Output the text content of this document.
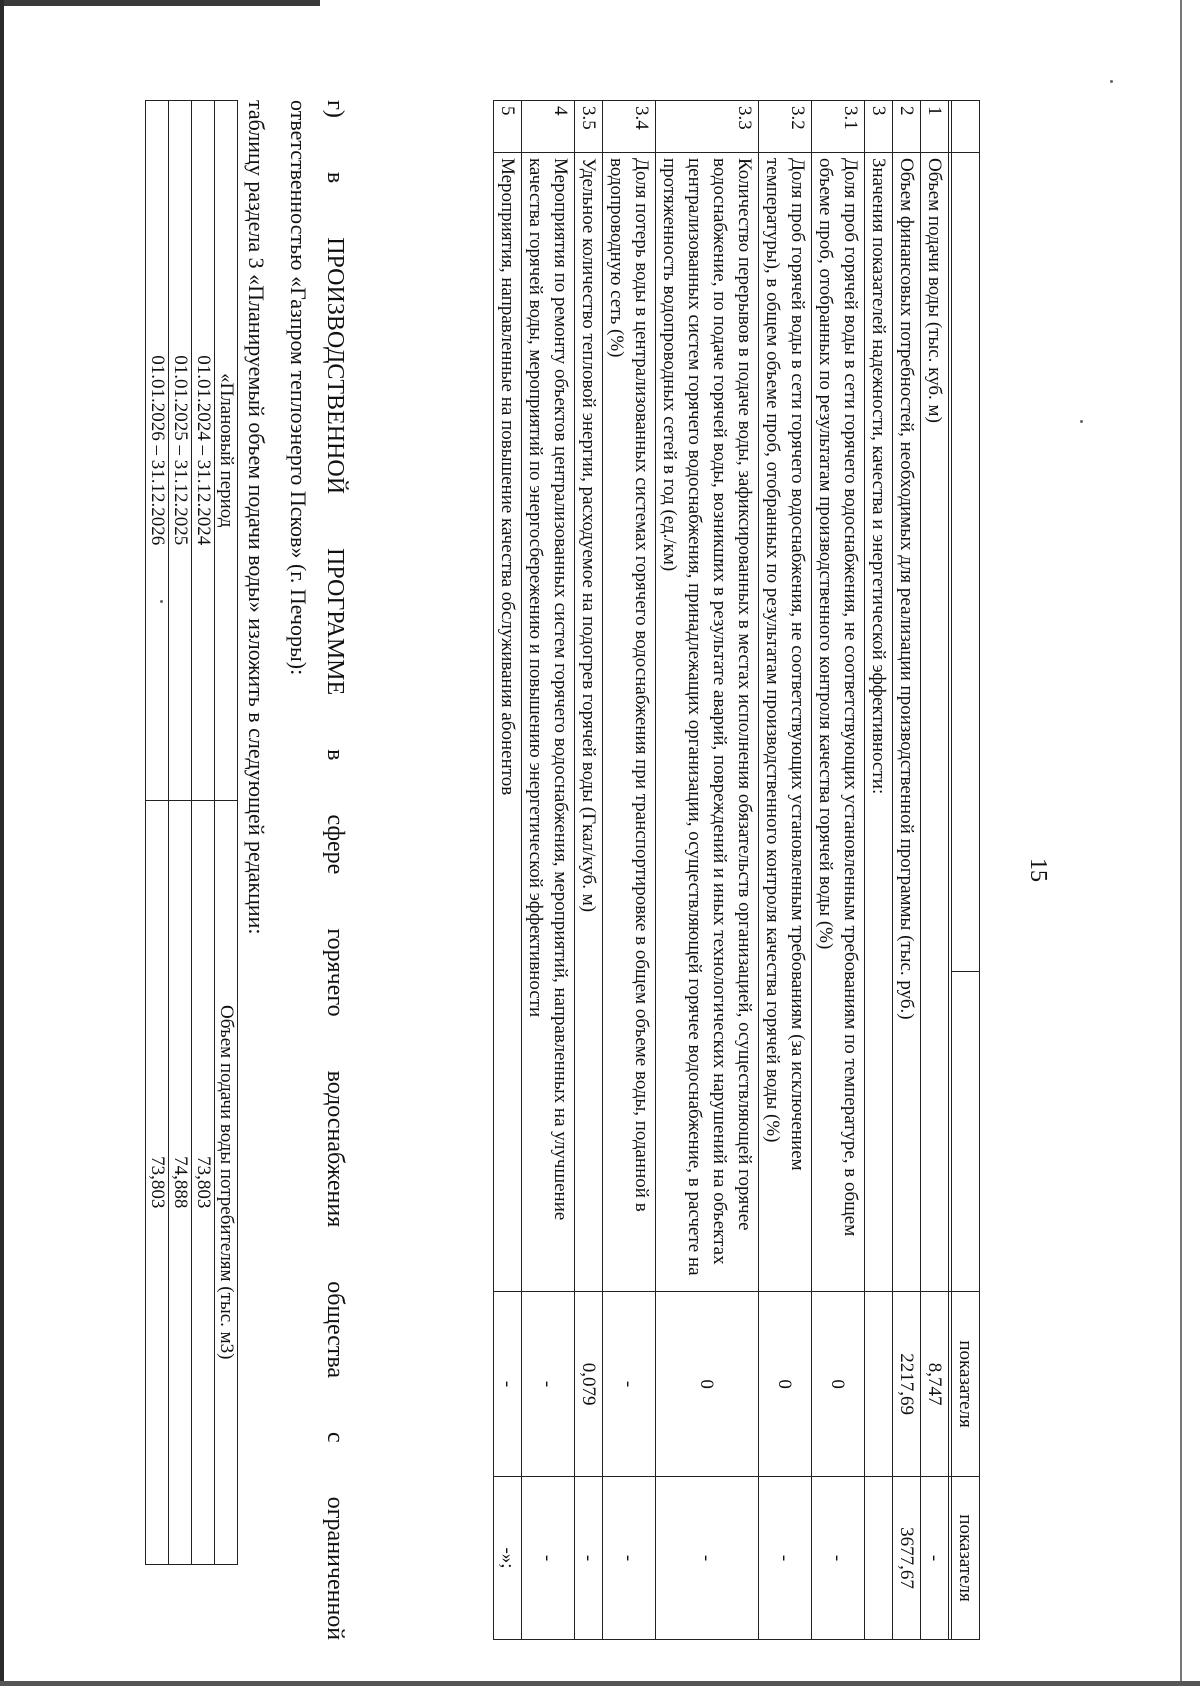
15
			показателя	показателя

1	Объем подачи воды (тыс. куб. м)		8,747	-
2	Объем финансовых потребностей, необходимых для реализации производственной программы (тыс. руб.)		2217,69	3677,67
3	Значения показателей надежности, качества и энергетической эффективности:			
3.1	Доля проб горячей воды в сети горячего водоснабжения, не соответствующих установленным требованиям по температуре, в общем объеме проб, отобранных по результатам производственного контроля качества горячей воды (%)		0	-
3.2	Доля проб горячей воды в сети горячего водоснабжения, не соответствующих установленным требованиям (за исключением температуры), в общем объеме проб, отобранных по результатам производственного контроля качества горячей воды (%)		0	-
3.3	Количество перерывов в подаче воды, зафиксированных в местах исполнения обязательств организацией, осуществляющей горячее водоснабжение, по подаче горячей воды, возникших в результате аварий, повреждений и иных технологических нарушений на объектах централизованных систем горячего водоснабжения, принадлежащих организации, осуществляющей горячее водоснабжение, в расчете на протяженность водопроводных сетей в год (ед./км)		0	-
3.4	Доля потерь воды в централизованных системах горячего водоснабжения при транспортировке в общем объеме воды, поданной в водопроводную сеть (%)		-	-
3.5	Удельное количество тепловой энергии, расходуемое на подогрев горячей воды (Гкал/куб. м)		0,079	-
4	Мероприятия по ремонту объектов централизованных систем горячего водоснабжения, мероприятий, направленных на улучшение качества горячей воды, мероприятий по энергосбережению и повышению энергетической эффективности		-	-
5	Мероприятия, направленные на повышение качества обслуживания абонентов		-	-»;
г) в ПРОИЗВОДСТВЕННОЙ ПРОГРАММЕ в сфере горячего водоснабжения общества с ограниченной
ответственностью «Газпром теплоэнерго Псков» (г. Печоры):
таблицу раздела 3 «Планируемый объем подачи воды» изложить в следующей редакции:
«Плановый период	Объем подачи воды потребителям (тыс. м3)
01.01.2024 – 31.12.2024	73,803
01.01.2025 – 31.12.2025	74,888
01.01.2026 – 31.12.2026	73,803
